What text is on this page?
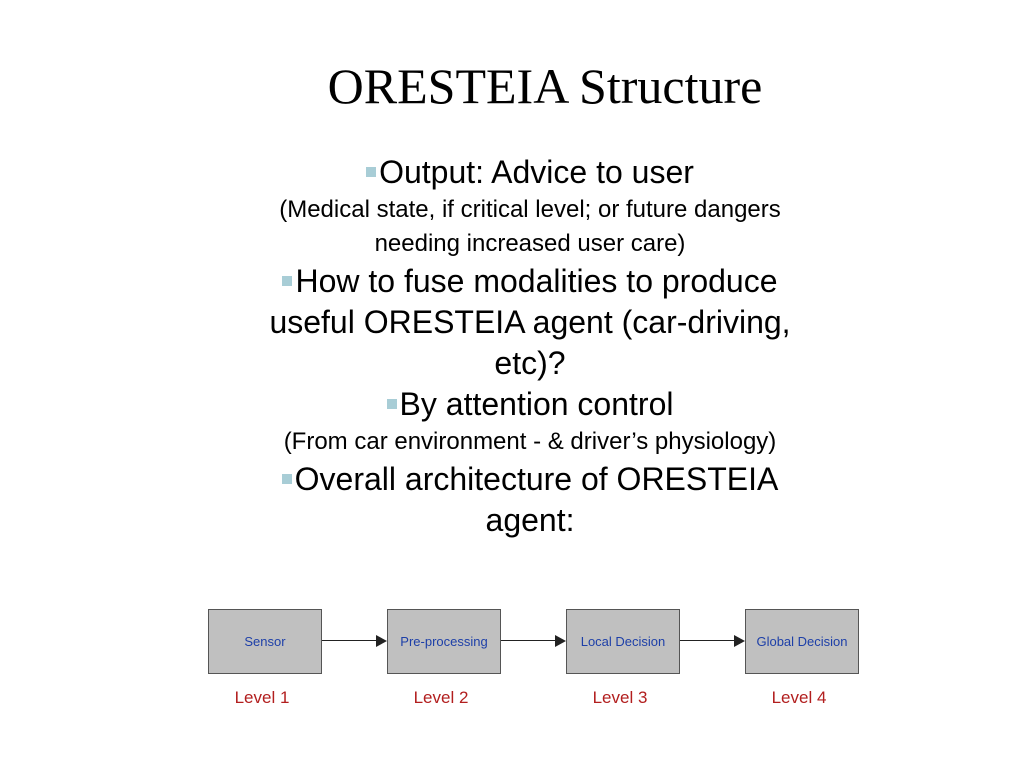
ORESTEIA Structure
Output: Advice to user
(Medical state, if critical level; or future dangers
needing increased user care)
How to fuse modalities to produce
useful ORESTEIA agent (car-driving,
etc)?
By attention control
(From car environment - & driver’s physiology)
Overall architecture of ORESTEIA
agent:
Sensor	Pre-processing	Local Decision	Global Decision
Level 1	Level 2	Level 3	Level 4
